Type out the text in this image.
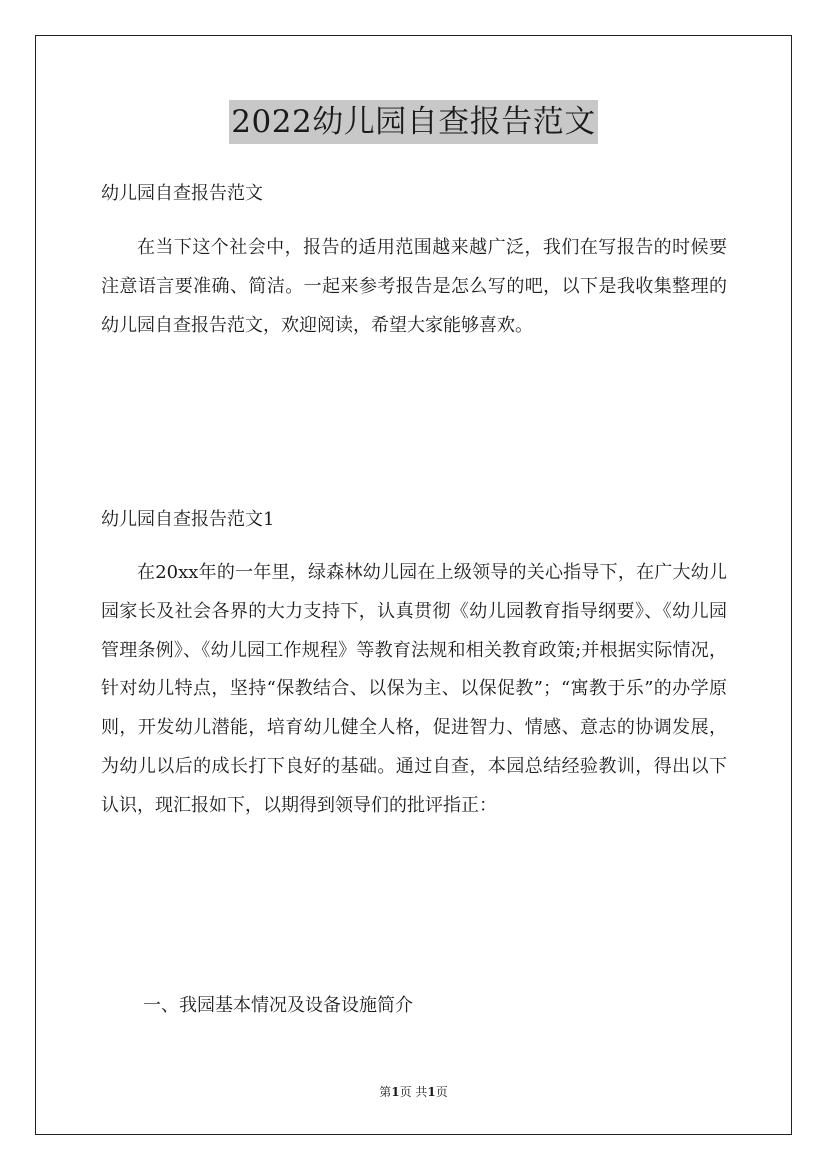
2022幼儿园自查报告范文
幼儿园自查报告范文
在当下这个社会中，报告的适用范围越来越广泛，我们在写报告的时候要注意语言要准确、简洁。一起来参考报告是怎么写的吧，以下是我收集整理的幼儿园自查报告范文，欢迎阅读，希望大家能够喜欢。
幼儿园自查报告范文1
在20xx年的一年里，绿森林幼儿园在上级领导的关心指导下，在广大幼儿园家长及社会各界的大力支持下，认真贯彻《幼儿园教育指导纲要》、《幼儿园管理条例》、《幼儿园工作规程》等教育法规和相关教育政策;并根据实际情况，针对幼儿特点，坚持“保教结合、以保为主、以保促教”；“寓教于乐”的办学原则，开发幼儿潜能，培育幼儿健全人格，促进智力、情感、意志的协调发展，为幼儿以后的成长打下良好的基础。通过自查，本园总结经验教训，得出以下认识，现汇报如下，以期得到领导们的批评指正：
一、我园基本情况及设备设施简介
第1页 共1页
